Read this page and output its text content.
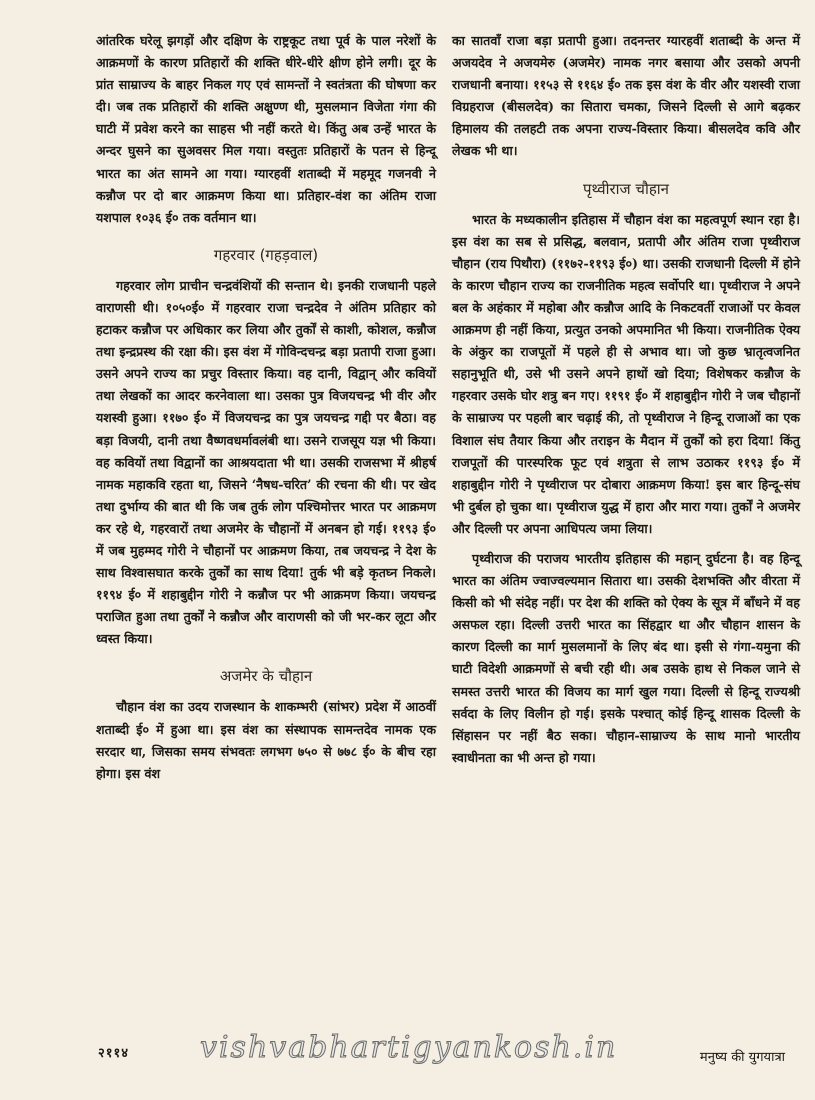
आंतरिक घरेलू झगड़ों और दक्षिण के राष्ट्रकूट तथा पूर्व के पाल नरेशों के आक्रमणों के कारण प्रतिहारों की शक्ति धीरे-धीरे क्षीण होने लगी। दूर के प्रांत साम्राज्य के बाहर निकल गए एवं सामन्तों ने स्वतंत्रता की घोषणा कर दी। जब तक प्रतिहारों की शक्ति अक्षुण्ण थी, मुसलमान विजेता गंगा की घाटी में प्रवेश करने का साहस भी नहीं करते थे। किंतु अब उन्हें भारत के अन्दर घुसने का सुअवसर मिल गया। वस्तुतः प्रतिहारों के पतन से हिन्दू भारत का अंत सामने आ गया। ग्यारहवीं शताब्दी में महमूद गजनवी ने कन्नौज पर दो बार आक्रमण किया था। प्रतिहार-वंश का अंतिम राजा यशपाल १०३६ ई० तक वर्तमान था।

गहरवार (गहड़वाल)

गहरवार लोग प्राचीन चन्द्रवंशियों की सन्तान थे। इनकी राजधानी पहले वाराणसी थी। १०५०ई० में गहरवार राजा चन्द्रदेव ने अंतिम प्रतिहार को हटाकर कन्नौज पर अधिकार कर लिया और तुर्कों से काशी, कोशल, कन्नौज तथा इन्द्रप्रस्थ की रक्षा की। इस वंश में गोविन्दचन्द्र बड़ा प्रतापी राजा हुआ। उसने अपने राज्य का प्रचुर विस्तार किया। वह दानी, विद्वान् और कवियों तथा लेखकों का आदर करनेवाला था। उसका पुत्र विजयचन्द्र भी वीर और यशस्वी हुआ। ११७० ई० में विजयचन्द्र का पुत्र जयचन्द्र गद्दी पर बैठा। वह बड़ा विजयी, दानी तथा वैष्णवधर्मावलंबी था। उसने राजसूय यज्ञ भी किया। वह कवियों तथा विद्वानों का आश्रयदाता भी था। उसकी राजसभा में श्रीहर्ष नामक महाकवि रहता था, जिसने ‘नैषध-चरित’ की रचना की थी। पर खेद तथा दुर्भाग्य की बात थी कि जब तुर्क लोग पश्चिमोत्तर भारत पर आक्रमण कर रहे थे, गहरवारों तथा अजमेर के चौहानों में अनबन हो गई। ११९३ ई० में जब मुहम्मद गोरी ने चौहानों पर आक्रमण किया, तब जयचन्द्र ने देश के साथ विश्वासघात करके तुर्कों का साथ दिया! तुर्क भी बड़े कृतघ्न निकले। ११९४ ई० में शहाबुद्दीन गोरी ने कन्नौज पर भी आक्रमण किया। जयचन्द्र पराजित हुआ तथा तुर्कों ने कन्नौज और वाराणसी को जी भर-कर लूटा और ध्वस्त किया।

अजमेर के चौहान

चौहान वंश का उदय राजस्थान के शाकम्भरी (सांभर) प्रदेश में आठवीं शताब्दी ई० में हुआ था। इस वंश का संस्थापक सामन्तदेव नामक एक सरदार था, जिसका समय संभवतः लगभग ७५० से ७७८ ई० के बीच रहा होगा। इस वंश

का सातवाँ राजा बड़ा प्रतापी हुआ। तदनन्तर ग्यारहवीं शताब्दी के अन्त में अजयदेव ने अजयमेरु (अजमेर) नामक नगर बसाया और उसको अपनी राजधानी बनाया। ११५३ से ११६४ ई० तक इस वंश के वीर और यशस्वी राजा विग्रहराज (बीसलदेव) का सितारा चमका, जिसने दिल्ली से आगे बढ़कर हिमालय की तलहटी तक अपना राज्य-विस्तार किया। बीसलदेव कवि और लेखक भी था।

पृथ्वीराज चौहान

भारत के मध्यकालीन इतिहास में चौहान वंश का महत्वपूर्ण स्थान रहा है। इस वंश का सब से प्रसिद्ध, बलवान, प्रतापी और अंतिम राजा पृथ्वीराज चौहान (राय पिथौरा) (११७२-११९३ ई०) था। उसकी राजधानी दिल्ली में होने के कारण चौहान राज्य का राजनीतिक महत्व सर्वोपरि था। पृथ्वीराज ने अपने बल के अहंकार में महोबा और कन्नौज आदि के निकटवर्ती राजाओं पर केवल आक्रमण ही नहीं किया, प्रत्युत उनको अपमानित भी किया। राजनीतिक ऐक्य के अंकुर का राजपूतों में पहले ही से अभाव था। जो कुछ भ्रातृत्वजनित सहानुभूति थी, उसे भी उसने अपने हाथों खो दिया; विशेषकर कन्नौज के गहरवार उसके घोर शत्रु बन गए। ११९१ ई० में शहाबुद्दीन गोरी ने जब चौहानों के साम्राज्य पर पहली बार चढ़ाई की, तो पृथ्वीराज ने हिन्दू राजाओं का एक विशाल संघ तैयार किया और तराइन के मैदान में तुर्कों को हरा दिया! किंतु राजपूतों की पारस्परिक फूट एवं शत्रुता से लाभ उठाकर ११९३ ई० में शहाबुद्दीन गोरी ने पृथ्वीराज पर दोबारा आक्रमण किया! इस बार हिन्दू-संघ भी दुर्बल हो चुका था। पृथ्वीराज युद्ध में हारा और मारा गया। तुर्कों ने अजमेर और दिल्ली पर अपना आधिपत्य जमा लिया।

पृथ्वीराज की पराजय भारतीय इतिहास की महान् दुर्घटना है। वह हिन्दू भारत का अंतिम ज्वाज्वल्यमान सितारा था। उसकी देशभक्ति और वीरता में किसी को भी संदेह नहीं। पर देश की शक्ति को ऐक्य के सूत्र में बाँधने में वह असफल रहा। दिल्ली उत्तरी भारत का सिंहद्वार था और चौहान शासन के कारण दिल्ली का मार्ग मुसलमानों के लिए बंद था। इसी से गंगा-यमुना की घाटी विदेशी आक्रमणों से बची रही थी। अब उसके हाथ से निकल जाने से समस्त उत्तरी भारत की विजय का मार्ग खुल गया। दिल्ली से हिन्दू राज्यश्री सर्वदा के लिए विलीन हो गई। इसके पश्चात् कोई हिन्दू शासक दिल्ली के सिंहासन पर नहीं बैठ सका। चौहान-साम्राज्य के साथ मानो भारतीय स्वाधीनता का भी अन्त हो गया।

२११४ vishvabhartigyankosh.in	मनुष्य की युगयात्रा
